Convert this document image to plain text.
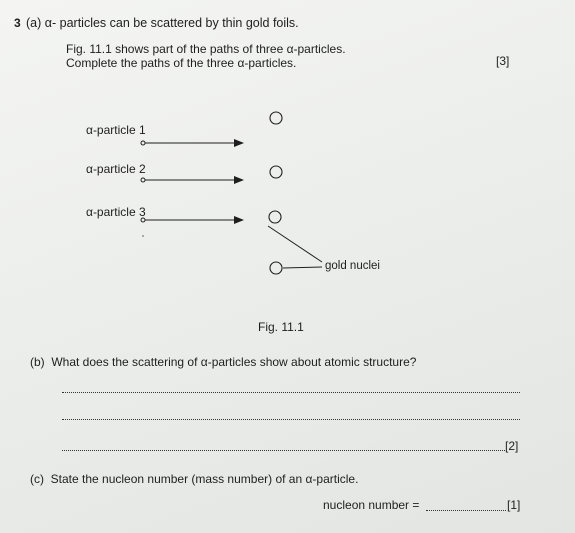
3 (a) α- particles can be scattered by thin gold foils.
Fig. 11.1 shows part of the paths of three α-particles.
Complete the paths of the three α-particles.	[3]
α-particle 1
α-particle 2
α-particle 3
gold nuclei
Fig. 11.1
(b) What does the scattering of α-particles show about atomic structure?
[2]
(c) State the nucleon number (mass number) of an α-particle.
nucleon number =	[1]
